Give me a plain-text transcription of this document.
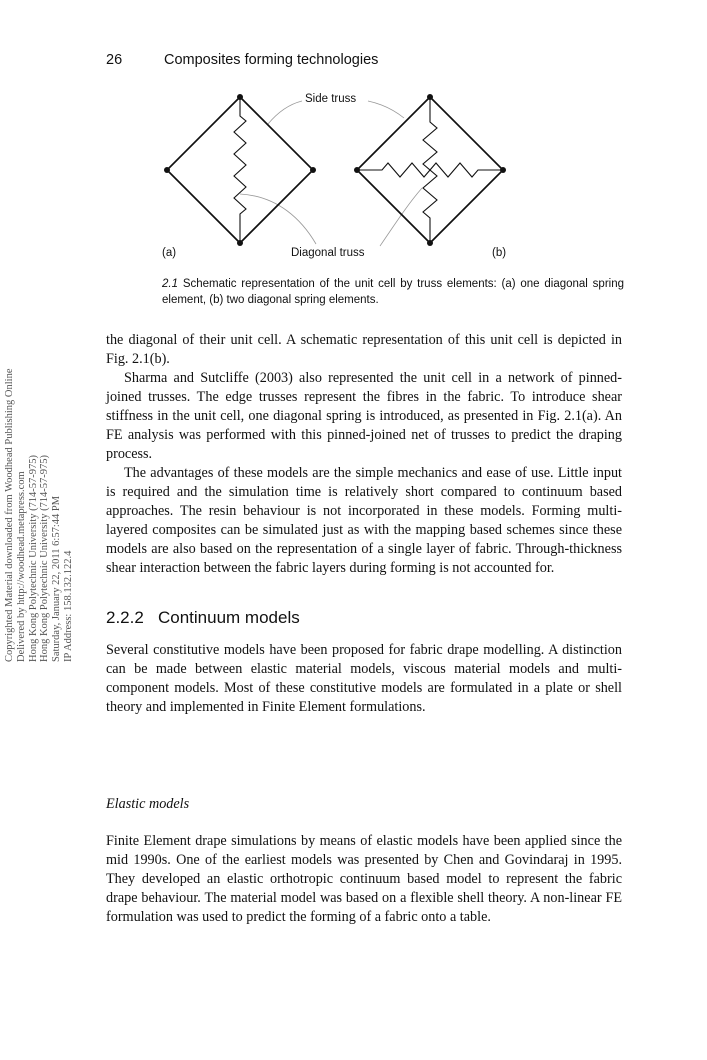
26	Composites forming technologies
Side truss
Diagonal truss
(a)	(b)
2.1 Schematic representation of the unit cell by truss elements: (a) one diagonal spring element, (b) two diagonal spring elements.
Copyrighted Material downloaded from Woodhead Publishing Online Delivered by http://woodhead.metapress.com Hong Kong Polytechnic University (714-57-975) Hong Kong Polytechnic University (714-57-975) Saturday, January 22, 2011 6:57:44 PM IP Address: 158.132.122.4

the diagonal of their unit cell. A schematic representation of this unit cell is depicted in Fig. 2.1(b).

Sharma and Sutcliffe (2003) also represented the unit cell in a network of pinned-joined trusses. The edge trusses represent the fibres in the fabric. To introduce shear stiffness in the unit cell, one diagonal spring is introduced, as presented in Fig. 2.1(a). An FE analysis was performed with this pinned-joined net of trusses to predict the draping process.

The advantages of these models are the simple mechanics and ease of use. Little input is required and the simulation time is relatively short compared to continuum based approaches. The resin behaviour is not incorporated in these models. Forming multi-layered composites can be simulated just as with the mapping based schemes since these models are also based on the representation of a single layer of fabric. Through-thickness shear interaction between the fabric layers during forming is not accounted for.

2.2.2 Continuum models

Several constitutive models have been proposed for fabric drape modelling. A distinction can be made between elastic material models, viscous material models and multi-component models. Most of these constitutive models are formulated in a plate or shell theory and implemented in Finite Element formulations.

Elastic models

Finite Element drape simulations by means of elastic models have been applied since the mid 1990s. One of the earliest models was presented by Chen and Govindaraj in 1995. They developed an elastic orthotropic continuum based model to represent the fabric drape behaviour. The material model was based on a flexible shell theory. A non-linear FE formulation was used to predict the forming of a fabric onto a table.
